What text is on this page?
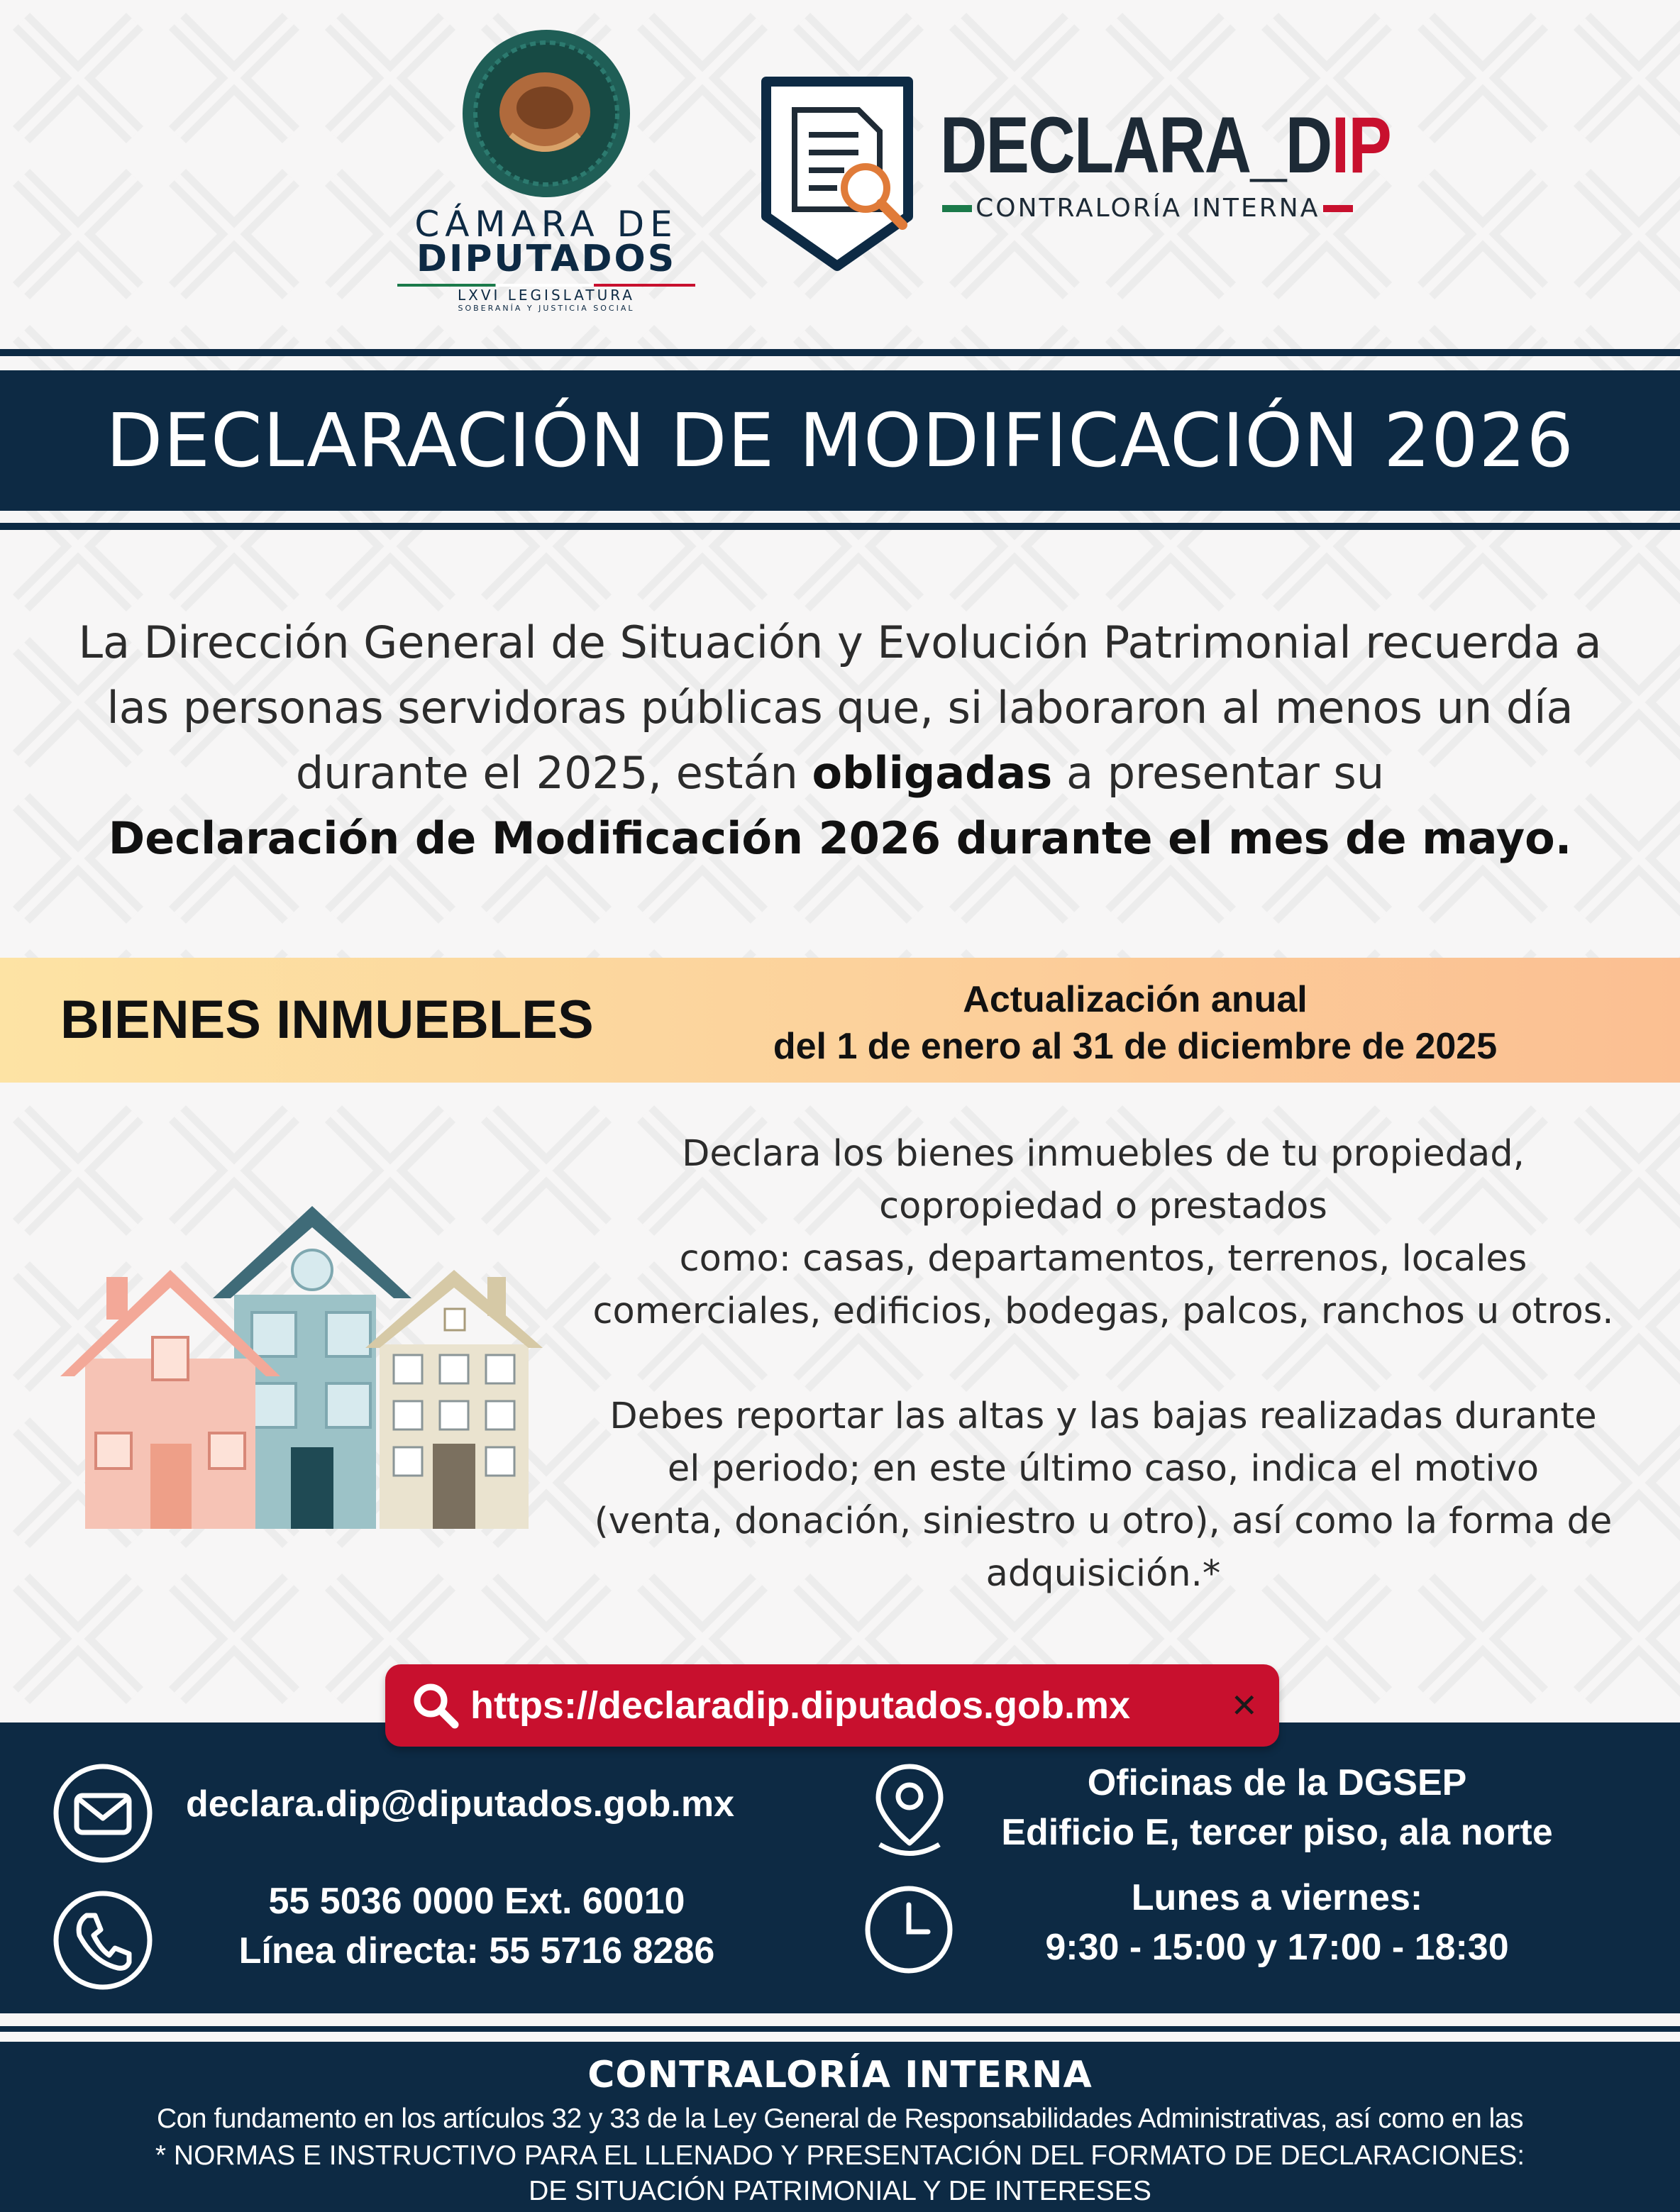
CÁMARA DE
DIPUTADOS
LXVI LEGISLATURA
SOBERANÍA Y JUSTICIA SOCIAL
DECLARA_DIP
CONTRALORÍA INTERNA
DECLARACIÓN DE MODIFICACIÓN 2026
La Dirección General de Situación y Evolución Patrimonial recuerda a
las personas servidoras públicas que, si laboraron al menos un día
durante el 2025, están obligadas a presentar su
Declaración de Modificación 2026 durante el mes de mayo.
BIENES INMUEBLES	Actualización anual
del 1 de enero al 31 de diciembre de 2025
Declara los bienes inmuebles de tu propiedad,
copropiedad o prestados
como: casas, departamentos, terrenos, locales
comerciales, edificios, bodegas, palcos, ranchos u otros.
Debes reportar las altas y las bajas realizadas durante
el periodo; en este último caso, indica el motivo
(venta, donación, siniestro u otro), así como la forma de
adquisición.*
https://declaradip.diputados.gob.mx	✕
declara.dip@diputados.gob.mx
55 5036 0000 Ext. 60010
Línea directa: 55 5716 8286
Oficinas de la DGSEP
Edificio E, tercer piso, ala norte
Lunes a viernes:
9:30 - 15:00 y 17:00 - 18:30
CONTRALORÍA INTERNA
Con fundamento en los artículos 32 y 33 de la Ley General de Responsabilidades Administrativas, así como en las
* NORMAS E INSTRUCTIVO PARA EL LLENADO Y PRESENTACIÓN DEL FORMATO DE DECLARACIONES:
DE SITUACIÓN PATRIMONIAL Y DE INTERESES
